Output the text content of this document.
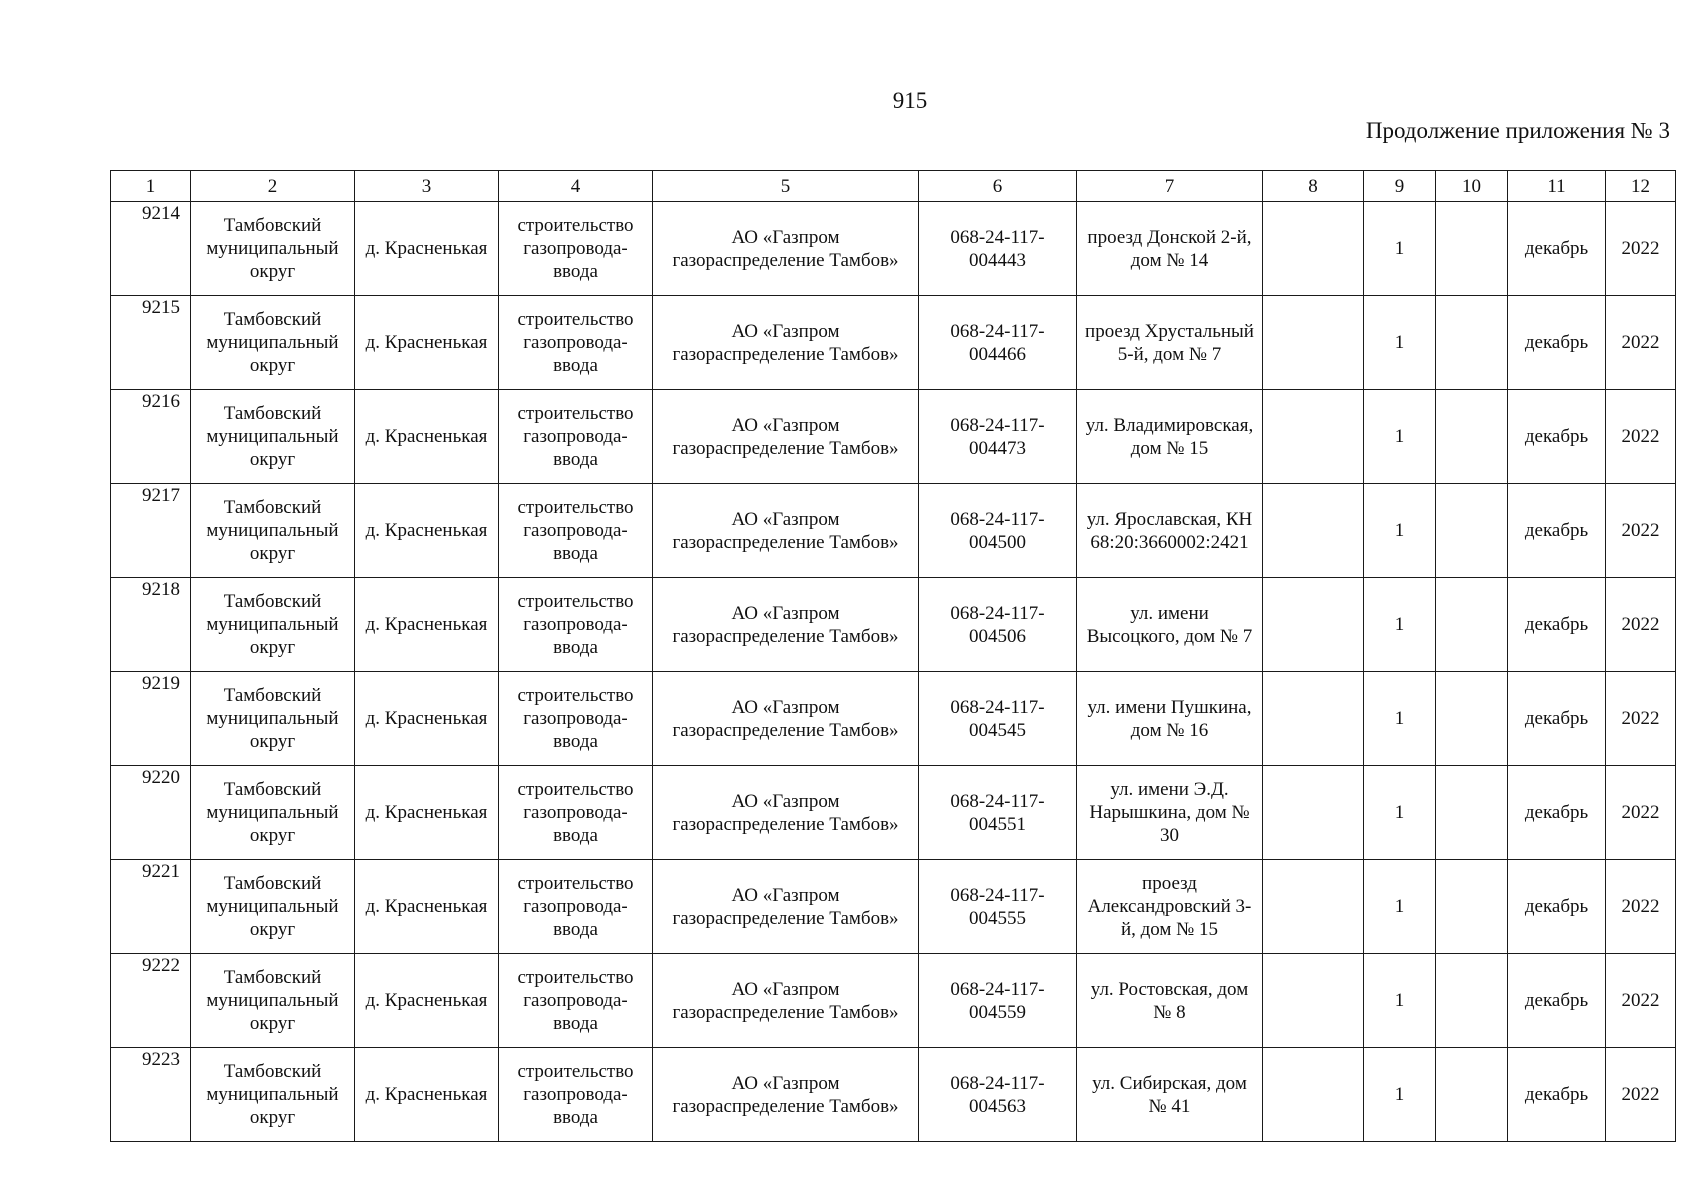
915
Продолжение приложения № 3
1	2	3	4	5	6	7	8	9	10	11	12
9214	Тамбовский муниципальный округ	д. Красненькая	строительство газопровода-ввода	АО «Газпром газораспределение Тамбов»	068-24-117-004443	проезд Донской 2-й, дом № 14		1		декабрь	2022
9215	Тамбовский муниципальный округ	д. Красненькая	строительство газопровода-ввода	АО «Газпром газораспределение Тамбов»	068-24-117-004466	проезд Хрустальный 5-й, дом № 7		1		декабрь	2022
9216	Тамбовский муниципальный округ	д. Красненькая	строительство газопровода-ввода	АО «Газпром газораспределение Тамбов»	068-24-117-004473	ул. Владимировская, дом № 15		1		декабрь	2022
9217	Тамбовский муниципальный округ	д. Красненькая	строительство газопровода-ввода	АО «Газпром газораспределение Тамбов»	068-24-117-004500	ул. Ярославская, КН 68:20:3660002:2421		1		декабрь	2022
9218	Тамбовский муниципальный округ	д. Красненькая	строительство газопровода-ввода	АО «Газпром газораспределение Тамбов»	068-24-117-004506	ул. имени Высоцкого, дом № 7		1		декабрь	2022
9219	Тамбовский муниципальный округ	д. Красненькая	строительство газопровода-ввода	АО «Газпром газораспределение Тамбов»	068-24-117-004545	ул. имени Пушкина, дом № 16		1		декабрь	2022
9220	Тамбовский муниципальный округ	д. Красненькая	строительство газопровода-ввода	АО «Газпром газораспределение Тамбов»	068-24-117-004551	ул. имени Э.Д. Нарышкина, дом № 30		1		декабрь	2022
9221	Тамбовский муниципальный округ	д. Красненькая	строительство газопровода-ввода	АО «Газпром газораспределение Тамбов»	068-24-117-004555	проезд Александровский 3-й, дом № 15		1		декабрь	2022
9222	Тамбовский муниципальный округ	д. Красненькая	строительство газопровода-ввода	АО «Газпром газораспределение Тамбов»	068-24-117-004559	ул. Ростовская, дом № 8		1		декабрь	2022
9223	Тамбовский муниципальный округ	д. Красненькая	строительство газопровода-ввода	АО «Газпром газораспределение Тамбов»	068-24-117-004563	ул. Сибирская, дом № 41		1		декабрь	2022
